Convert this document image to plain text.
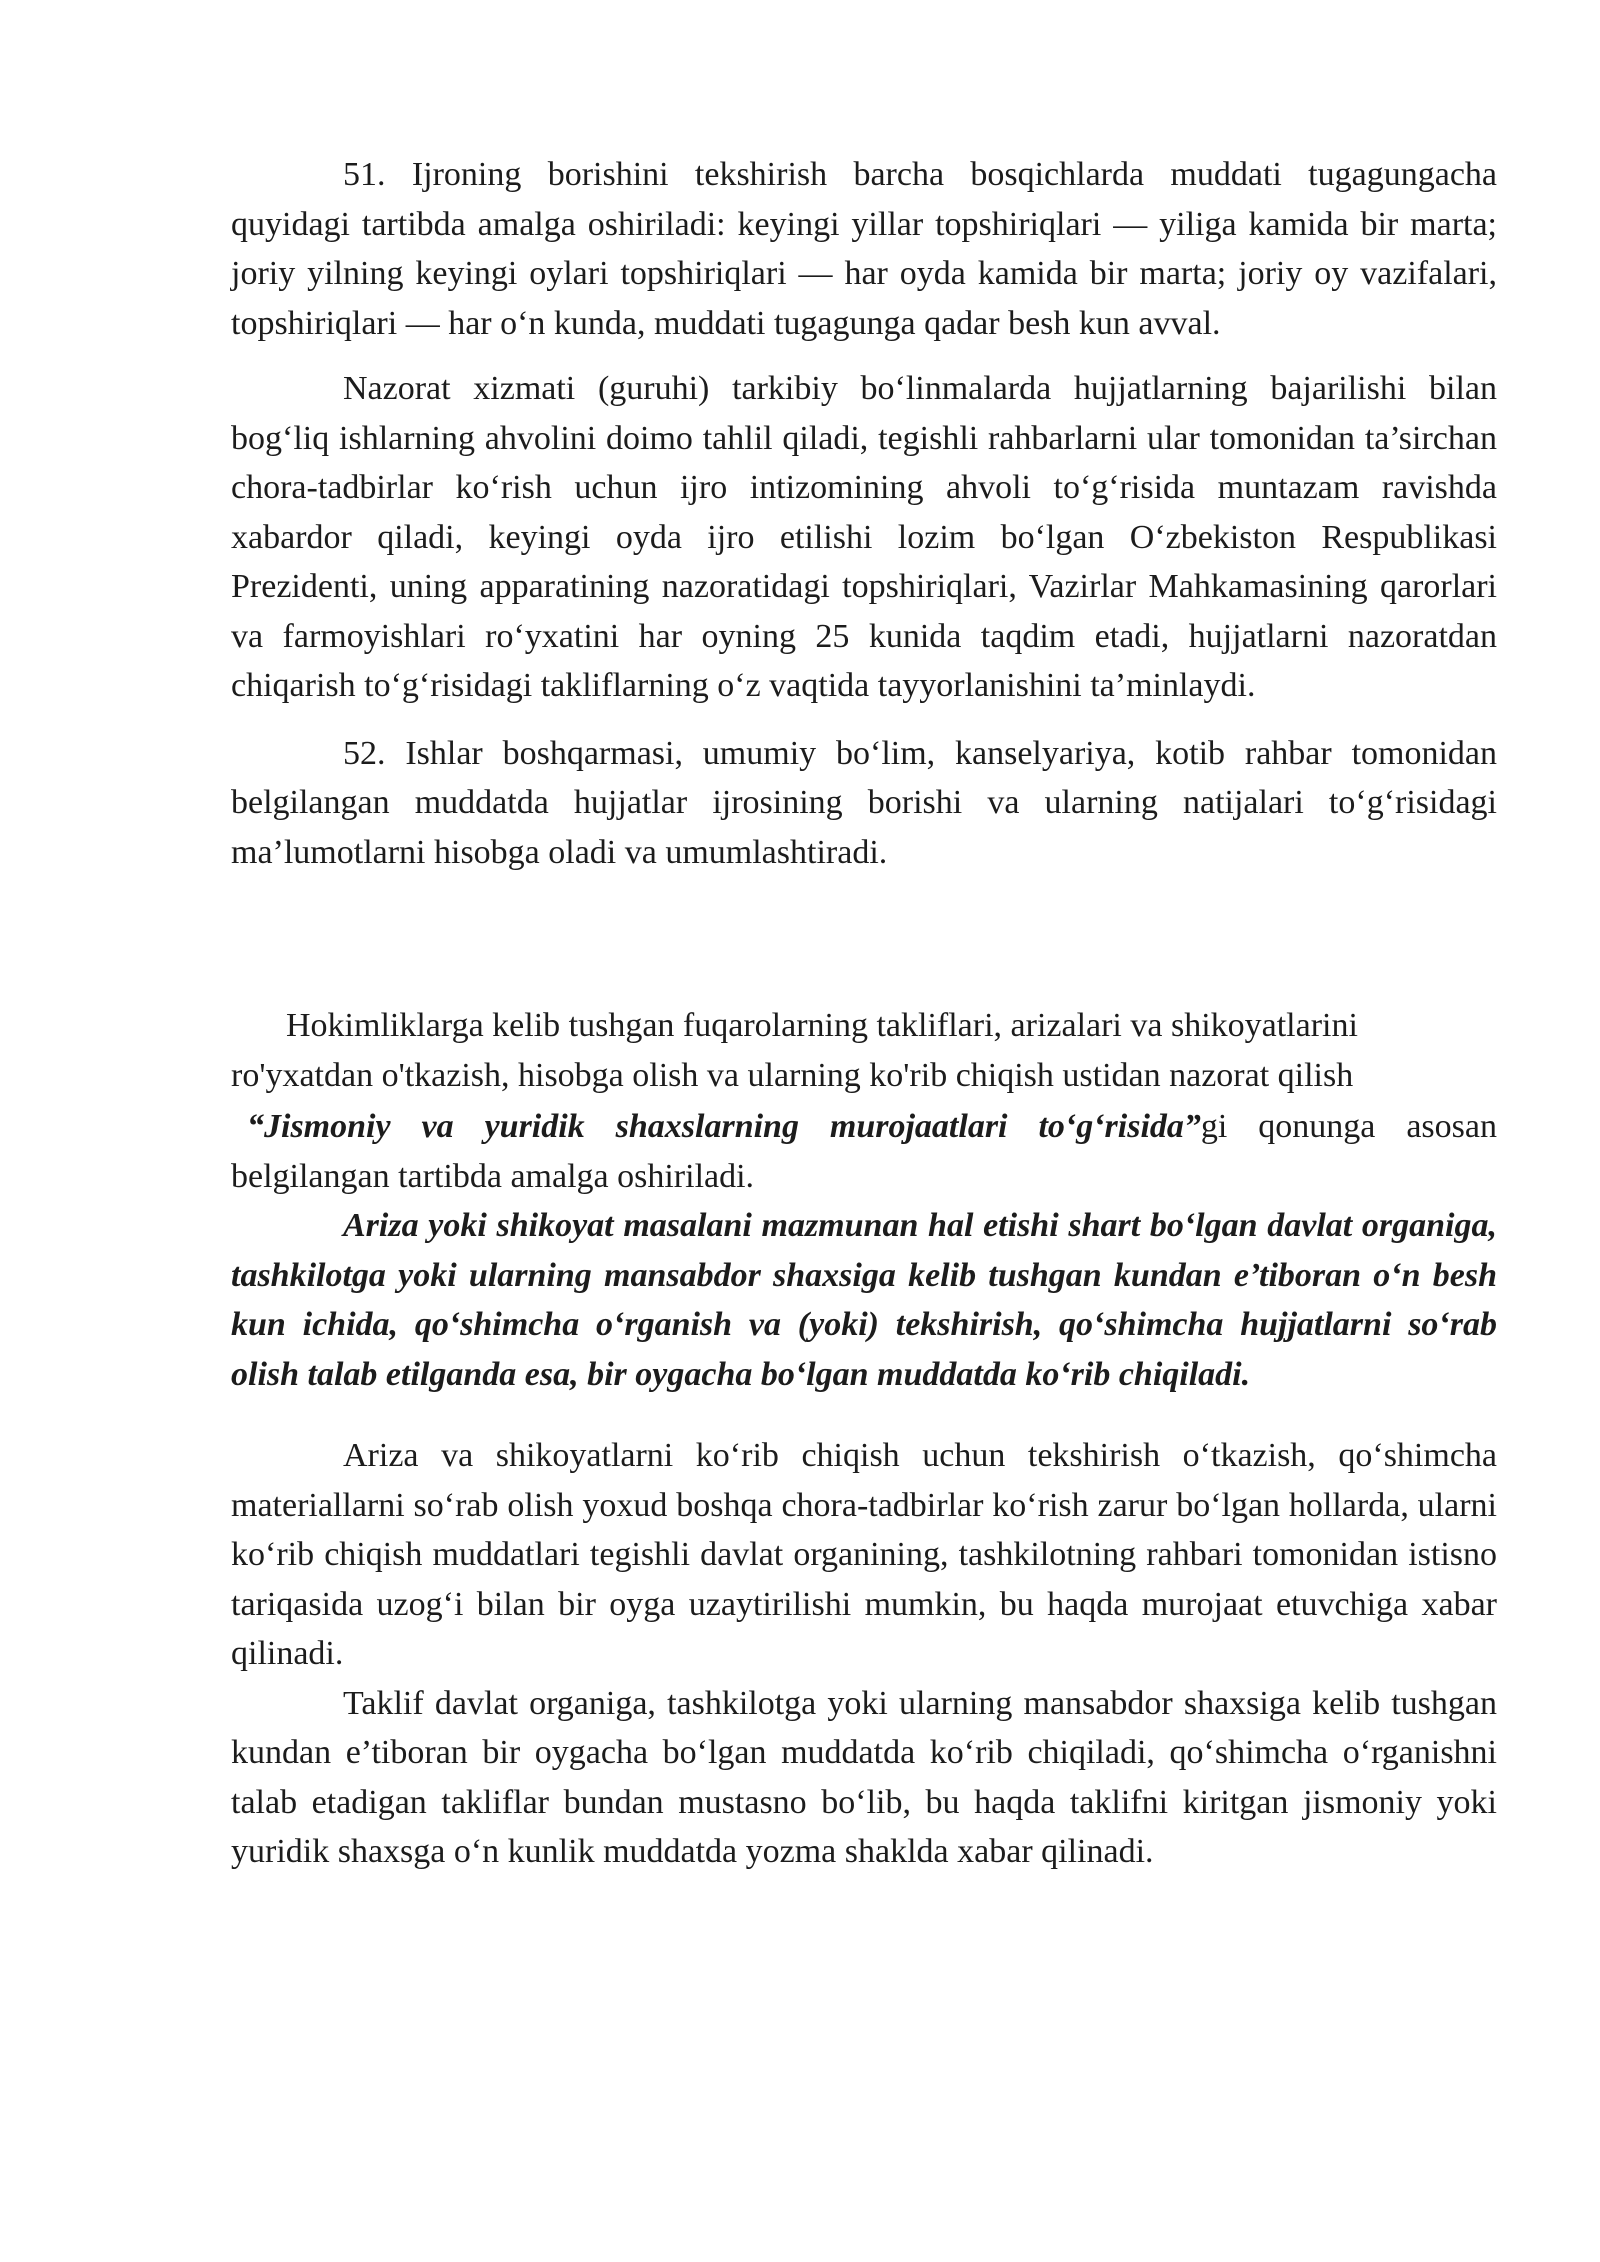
51. Ijroning borishini tekshirish barcha bosqichlarda muddati tugagungacha quyidagi tartibda amalga oshiriladi: keyingi yillar topshiriqlari — yiliga kamida bir marta; joriy yilning keyingi oylari topshiriqlari — har oyda kamida bir marta; joriy oy vazifalari, topshiriqlari — har o‘n kunda, muddati tugagunga qadar besh kun avval.

Nazorat xizmati (guruhi) tarkibiy bo‘linmalarda hujjatlarning bajarilishi bilan bog‘liq ishlarning ahvolini doimo tahlil qiladi, tegishli rahbarlarni ular tomonidan ta’sirchan chora-tadbirlar ko‘rish uchun ijro intizomining ahvoli to‘g‘risida muntazam ravishda xabardor qiladi, keyingi oyda ijro etilishi lozim bo‘lgan O‘zbekiston Respublikasi Prezidenti, uning apparatining nazoratidagi topshiriqlari, Vazirlar Mahkamasining qarorlari va farmoyishlari ro‘yxatini har oyning 25 kunida taqdim etadi, hujjatlarni nazoratdan chiqarish to‘g‘risidagi takliflarning o‘z vaqtida tayyorlanishini ta’minlaydi.

52. Ishlar boshqarmasi, umumiy bo‘lim, kanselyariya, kotib rahbar tomonidan belgilangan muddatda hujjatlar ijrosining borishi va ularning natijalari to‘g‘risidagi ma’lumotlarni hisobga oladi va umumlashtiradi.

Hokimliklarga kelib tushgan fuqarolarning takliflari, arizalari va shikoyatlarini ro'yxatdan o'tkazish, hisobga olish va ularning ko'rib chiqish ustidan nazorat qilish

“Jismoniy va yuridik shaxslarning murojaatlari to‘g‘risida”gi qonunga asosan belgilangan tartibda amalga oshiriladi.

Ariza yoki shikoyat masalani mazmunan hal etishi shart bo‘lgan davlat organiga, tashkilotga yoki ularning mansabdor shaxsiga kelib tushgan kundan e’tiboran o‘n besh kun ichida, qo‘shimcha o‘rganish va (yoki) tekshirish, qo‘shimcha hujjatlarni so‘rab olish talab etilganda esa, bir oygacha bo‘lgan muddatda ko‘rib chiqiladi.

Ariza va shikoyatlarni ko‘rib chiqish uchun tekshirish o‘tkazish, qo‘shimcha materiallarni so‘rab olish yoxud boshqa chora-tadbirlar ko‘rish zarur bo‘lgan hollarda, ularni ko‘rib chiqish muddatlari tegishli davlat organining, tashkilotning rahbari tomonidan istisno tariqasida uzog‘i bilan bir oyga uzaytirilishi mumkin, bu haqda murojaat etuvchiga xabar qilinadi.

Taklif davlat organiga, tashkilotga yoki ularning mansabdor shaxsiga kelib tushgan kundan e’tiboran bir oygacha bo‘lgan muddatda ko‘rib chiqiladi, qo‘shimcha o‘rganishni talab etadigan takliflar bundan mustasno bo‘lib, bu haqda taklifni kiritgan jismoniy yoki yuridik shaxsga o‘n kunlik muddatda yozma shaklda xabar qilinadi.
